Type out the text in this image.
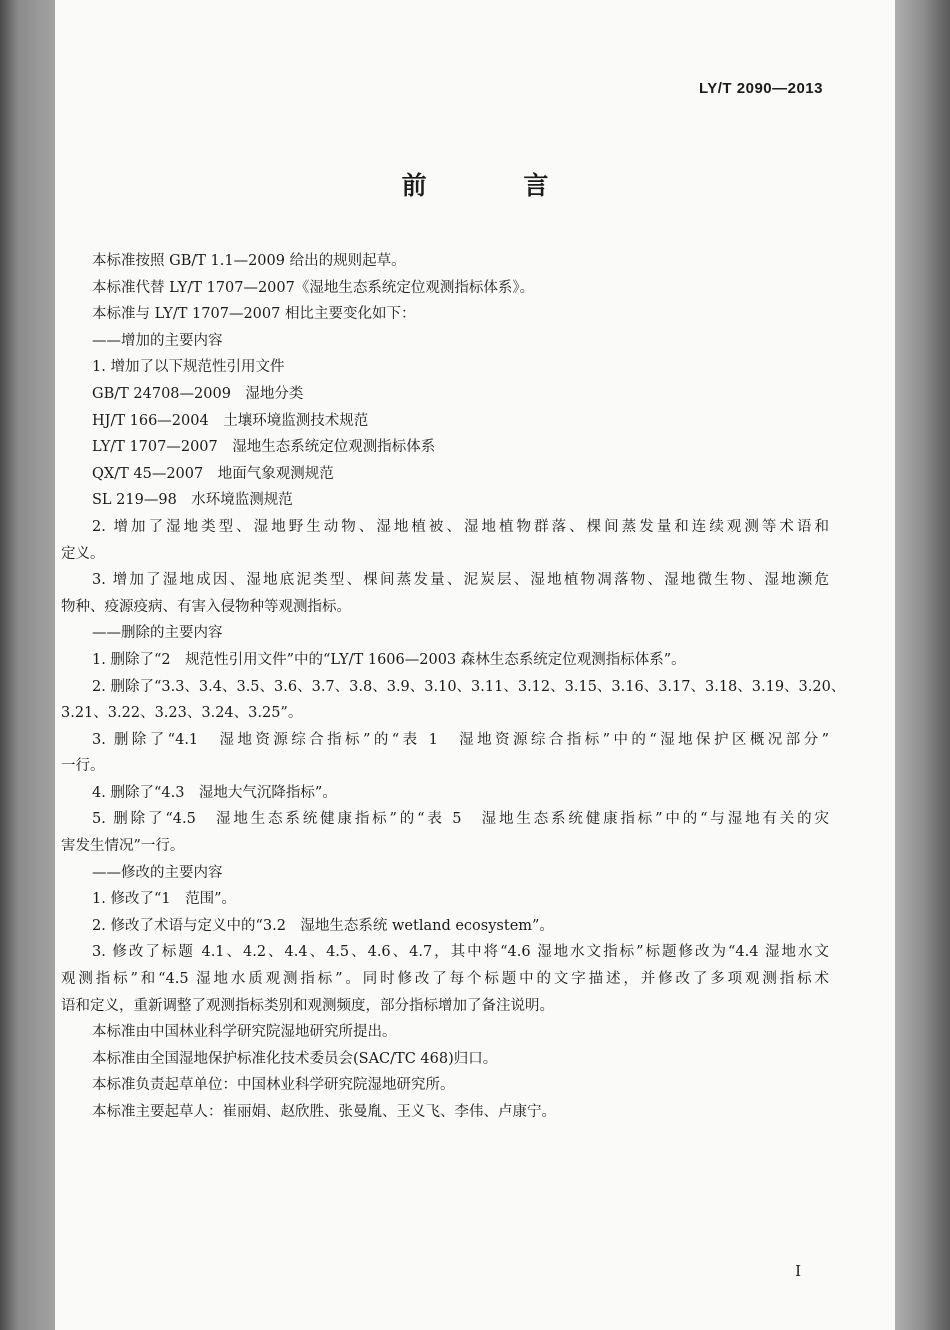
LY/T 2090—2013
前 言

本标准按照 GB/T 1.1—2009 给出的规则起草。

本标准代替 LY/T 1707—2007《湿地生态系统定位观测指标体系》。

本标准与 LY/T 1707—2007 相比主要变化如下：

——增加的主要内容

1. 增加了以下规范性引用文件

GB/T 24708—2009　湿地分类

HJ/T 166—2004　土壤环境监测技术规范

LY/T 1707—2007　湿地生态系统定位观测指标体系

QX/T 45—2007　地面气象观测规范

SL 219—98　水环境监测规范

2. 增加了湿地类型、湿地野生动物、湿地植被、湿地植物群落、棵间蒸发量和连续观测等术语和

定义。

3. 增加了湿地成因、湿地底泥类型、棵间蒸发量、泥炭层、湿地植物凋落物、湿地微生物、湿地濒危

物种、疫源疫病、有害入侵物种等观测指标。

——删除的主要内容

1. 删除了“2　规范性引用文件”中的“LY/T 1606—2003 森林生态系统定位观测指标体系”。

2. 删除了“3.3、3.4、3.5、3.6、3.7、3.8、3.9、3.10、3.11、3.12、3.15、3.16、3.17、3.18、3.19、3.20、

3.21、3.22、3.23、3.24、3.25”。

3. 删除了“4.1　湿地资源综合指标”的“表 1　湿地资源综合指标”中的“湿地保护区概况部分”

一行。

4. 删除了“4.3　湿地大气沉降指标”。

5. 删除了“4.5　湿地生态系统健康指标”的“表 5　湿地生态系统健康指标”中的“与湿地有关的灾

害发生情况”一行。

——修改的主要内容

1. 修改了“1　范围”。

2. 修改了术语与定义中的“3.2　湿地生态系统 wetland ecosystem”。

3. 修改了标题 4.1、4.2、4.4、4.5、4.6、4.7，其中将“4.6 湿地水文指标”标题修改为“4.4 湿地水文

观测指标”和“4.5 湿地水质观测指标”。同时修改了每个标题中的文字描述，并修改了多项观测指标术

语和定义，重新调整了观测指标类别和观测频度，部分指标增加了备注说明。

本标准由中国林业科学研究院湿地研究所提出。

本标准由全国湿地保护标准化技术委员会(SAC/TC 468)归口。

本标准负责起草单位：中国林业科学研究院湿地研究所。

本标准主要起草人：崔丽娟、赵欣胜、张曼胤、王义飞、李伟、卢康宁。

I
